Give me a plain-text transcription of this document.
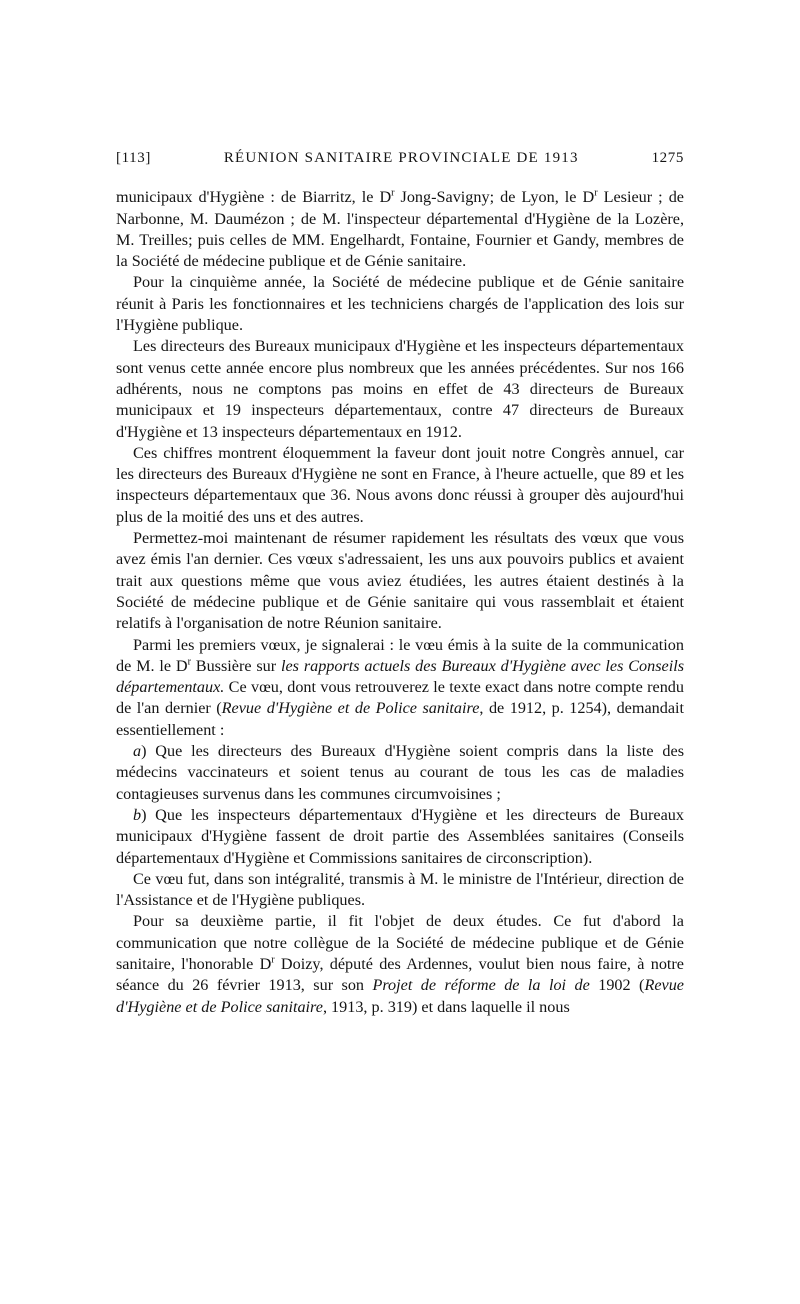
[113]	RÉUNION SANITAIRE PROVINCIALE DE 1913	1275

municipaux d'Hygiène : de Biarritz, le $D^r$ Jong-Savigny; de Lyon, le $D^r$ Lesieur ; de Narbonne, M. Daumézon ; de M. l'inspecteur départemental d'Hygiène de la Lozère, M. Treilles; puis celles de MM. Engelhardt, Fontaine, Fournier et Gandy, membres de la Société de médecine publique et de Génie sanitaire.

Pour la cinquième année, la Société de médecine publique et de Génie sanitaire réunit à Paris les fonctionnaires et les techniciens chargés de l'application des lois sur l'Hygiène publique.

Les directeurs des Bureaux municipaux d'Hygiène et les inspecteurs départementaux sont venus cette année encore plus nombreux que les années précédentes. Sur nos 166 adhérents, nous ne comptons pas moins en effet de 43 directeurs de Bureaux municipaux et 19 inspecteurs départementaux, contre 47 directeurs de Bureaux d'Hygiène et 13 inspecteurs départementaux en 1912.

Ces chiffres montrent éloquemment la faveur dont jouit notre Congrès annuel, car les directeurs des Bureaux d'Hygiène ne sont en France, à l'heure actuelle, que 89 et les inspecteurs départementaux que 36. Nous avons donc réussi à grouper dès aujourd'hui plus de la moitié des uns et des autres.

Permettez-moi maintenant de résumer rapidement les résultats des vœux que vous avez émis l'an dernier. Ces vœux s'adressaient, les uns aux pouvoirs publics et avaient trait aux questions même que vous aviez étudiées, les autres étaient destinés à la Société de médecine publique et de Génie sanitaire qui vous rassemblait et étaient relatifs à l'organisation de notre Réunion sanitaire.

Parmi les premiers vœux, je signalerai : le vœu émis à la suite de la communication de M. le $D^r$ Bussière sur les rapports actuels des Bureaux d'Hygiène avec les Conseils départementaux. Ce vœu, dont vous retrouverez le texte exact dans notre compte rendu de l'an dernier (Revue d'Hygiène et de Police sanitaire, de 1912, p. 1254), demandait essentiellement :

a) Que les directeurs des Bureaux d'Hygiène soient compris dans la liste des médecins vaccinateurs et soient tenus au courant de tous les cas de maladies contagieuses survenus dans les communes circumvoisines ;

b) Que les inspecteurs départementaux d'Hygiène et les directeurs de Bureaux municipaux d'Hygiène fassent de droit partie des Assemblées sanitaires (Conseils départementaux d'Hygiène et Commissions sanitaires de circonscription).

Ce vœu fut, dans son intégralité, transmis à M. le ministre de l'Intérieur, direction de l'Assistance et de l'Hygiène publiques.

Pour sa deuxième partie, il fit l'objet de deux études. Ce fut d'abord la communication que notre collègue de la Société de médecine publique et de Génie sanitaire, l'honorable $D^r$ Doizy, député des Ardennes, voulut bien nous faire, à notre séance du 26 février 1913, sur son Projet de réforme de la loi de 1902 (Revue d'Hygiène et de Police sanitaire, 1913, p. 319) et dans laquelle il nous
